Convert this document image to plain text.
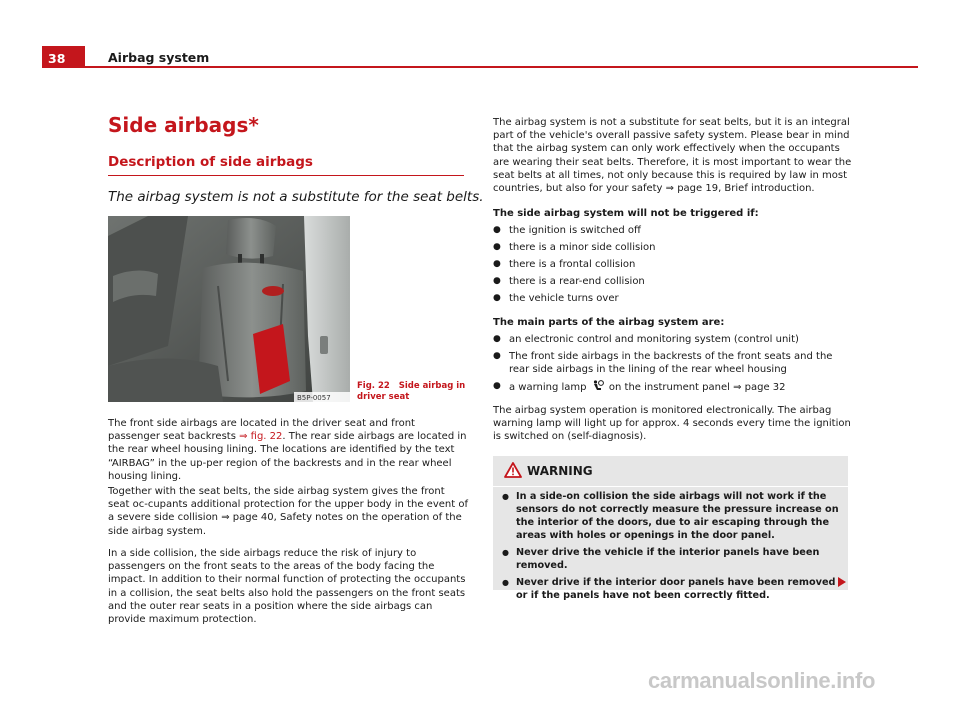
38	Airbag system
Side airbags*
Description of side airbags
The airbag system is not a substitute for the seat belts.
B5P-0057
Fig. 22 Side airbag in driver seat
The front side airbags are located in the driver seat and front passenger seat backrests ⇒ fig. 22. The rear side airbags are located in the rear wheel housing lining. The locations are identified by the text “AIRBAG” in the up-per region of the backrests and in the rear wheel housing lining.
Together with the seat belts, the side airbag system gives the front seat oc-cupants additional protection for the upper body in the event of a severe side collision ⇒ page 40, Safety notes on the operation of the side airbag system.
In a side collision, the side airbags reduce the risk of injury to passengers on the front seats to the areas of the body facing the impact. In addition to their normal function of protecting the occupants in a collision, the seat belts also hold the passengers on the front seats and the outer rear seats in a position where the side airbags can provide maximum protection.
The airbag system is not a substitute for seat belts, but it is an integral part of the vehicle's overall passive safety system. Please bear in mind that the airbag system can only work effectively when the occupants are wearing their seat belts. Therefore, it is most important to wear the seat belts at all times, not only because this is required by law in most countries, but also for your safety ⇒ page 19, Brief introduction.
The side airbag system will not be triggered if:
● the ignition is switched off
● there is a minor side collision
● there is a frontal collision
● there is a rear-end collision
● the vehicle turns over
The main parts of the airbag system are:
● an electronic control and monitoring system (control unit)
● The front side airbags in the backrests of the front seats and the rear side airbags in the lining of the rear wheel housing
● a warning lamp on the instrument panel ⇒ page 32
The airbag system operation is monitored electronically. The airbag warning lamp will light up for approx. 4 seconds every time the ignition is switched on (self-diagnosis).
WARNING
● In a side-on collision the side airbags will not work if the sensors do not correctly measure the pressure increase on the interior of the doors, due to air escaping through the areas with holes or openings in the door panel.
● Never drive the vehicle if the interior panels have been removed.
● Never drive if the interior door panels have been removed or if the panels have not been correctly fitted.
carmanualsonline.info
